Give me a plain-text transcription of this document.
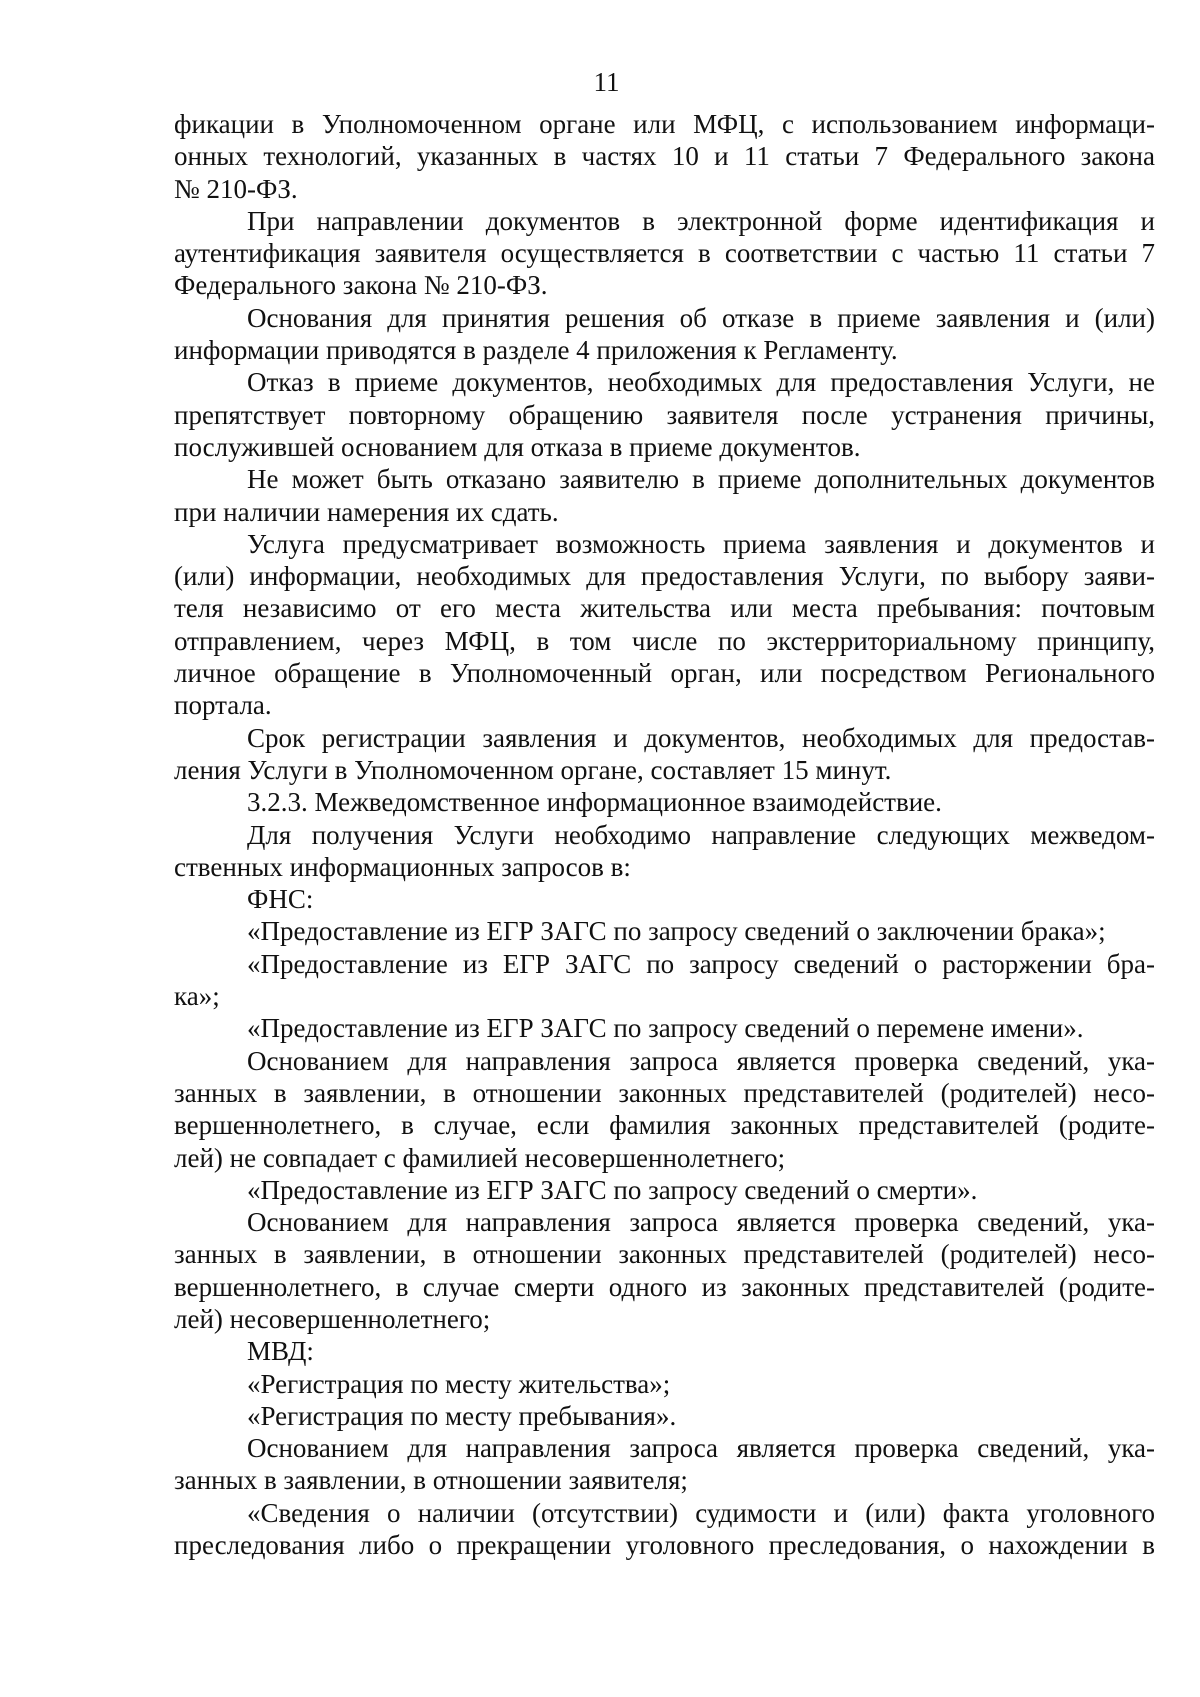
11
фикации в Уполномоченном органе или МФЦ, с использованием информаци-
онных технологий, указанных в частях 10 и 11 статьи 7 Федерального закона
№ 210-ФЗ.
При направлении документов в электронной форме идентификация и
аутентификация заявителя осуществляется в соответствии с частью 11 статьи 7
Федерального закона № 210-ФЗ.
Основания для принятия решения об отказе в приеме заявления и (или)
информации приводятся в разделе 4 приложения к Регламенту.
Отказ в приеме документов, необходимых для предоставления Услуги, не
препятствует повторному обращению заявителя после устранения причины,
послужившей основанием для отказа в приеме документов.
Не может быть отказано заявителю в приеме дополнительных документов
при наличии намерения их сдать.
Услуга предусматривает возможность приема заявления и документов и
(или) информации, необходимых для предоставления Услуги, по выбору заяви-
теля независимо от его места жительства или места пребывания: почтовым
отправлением, через МФЦ, в том числе по экстерриториальному принципу,
личное обращение в Уполномоченный орган, или посредством Регионального
портала.
Срок регистрации заявления и документов, необходимых для предостав-
ления Услуги в Уполномоченном органе, составляет 15 минут.
3.2.3. Межведомственное информационное взаимодействие.
Для получения Услуги необходимо направление следующих межведом-
ственных информационных запросов в:
ФНС:
«Предоставление из ЕГР ЗАГС по запросу сведений о заключении брака»;
«Предоставление из ЕГР ЗАГС по запросу сведений о расторжении бра-
ка»;
«Предоставление из ЕГР ЗАГС по запросу сведений о перемене имени».
Основанием для направления запроса является проверка сведений, ука-
занных в заявлении, в отношении законных представителей (родителей) несо-
вершеннолетнего, в случае, если фамилия законных представителей (родите-
лей) не совпадает с фамилией несовершеннолетнего;
«Предоставление из ЕГР ЗАГС по запросу сведений о смерти».
Основанием для направления запроса является проверка сведений, ука-
занных в заявлении, в отношении законных представителей (родителей) несо-
вершеннолетнего, в случае смерти одного из законных представителей (родите-
лей) несовершеннолетнего;
МВД:
«Регистрация по месту жительства»;
«Регистрация по месту пребывания».
Основанием для направления запроса является проверка сведений, ука-
занных в заявлении, в отношении заявителя;
«Сведения о наличии (отсутствии) судимости и (или) факта уголовного
преследования либо о прекращении уголовного преследования, о нахождении в
